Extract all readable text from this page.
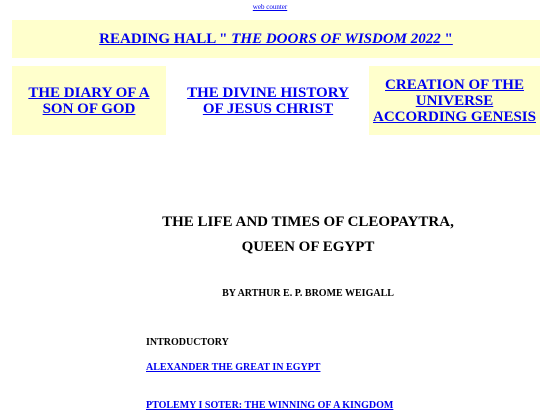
web counter
READING HALL " THE DOORS OF WISDOM 2022 "
THE DIARY OF A SON OF GOD
THE DIVINE HISTORY OF JESUS CHRIST
CREATION OF THE UNIVERSE ACCORDING GENESIS
THE LIFE AND TIMES OF CLEOPAYTRA,
QUEEN OF EGYPT
BY ARTHUR E. P. BROME WEIGALL
INTRODUCTORY
ALEXANDER THE GREAT IN EGYPT
PTOLEMY I SOTER: THE WINNING OF A KINGDOM
